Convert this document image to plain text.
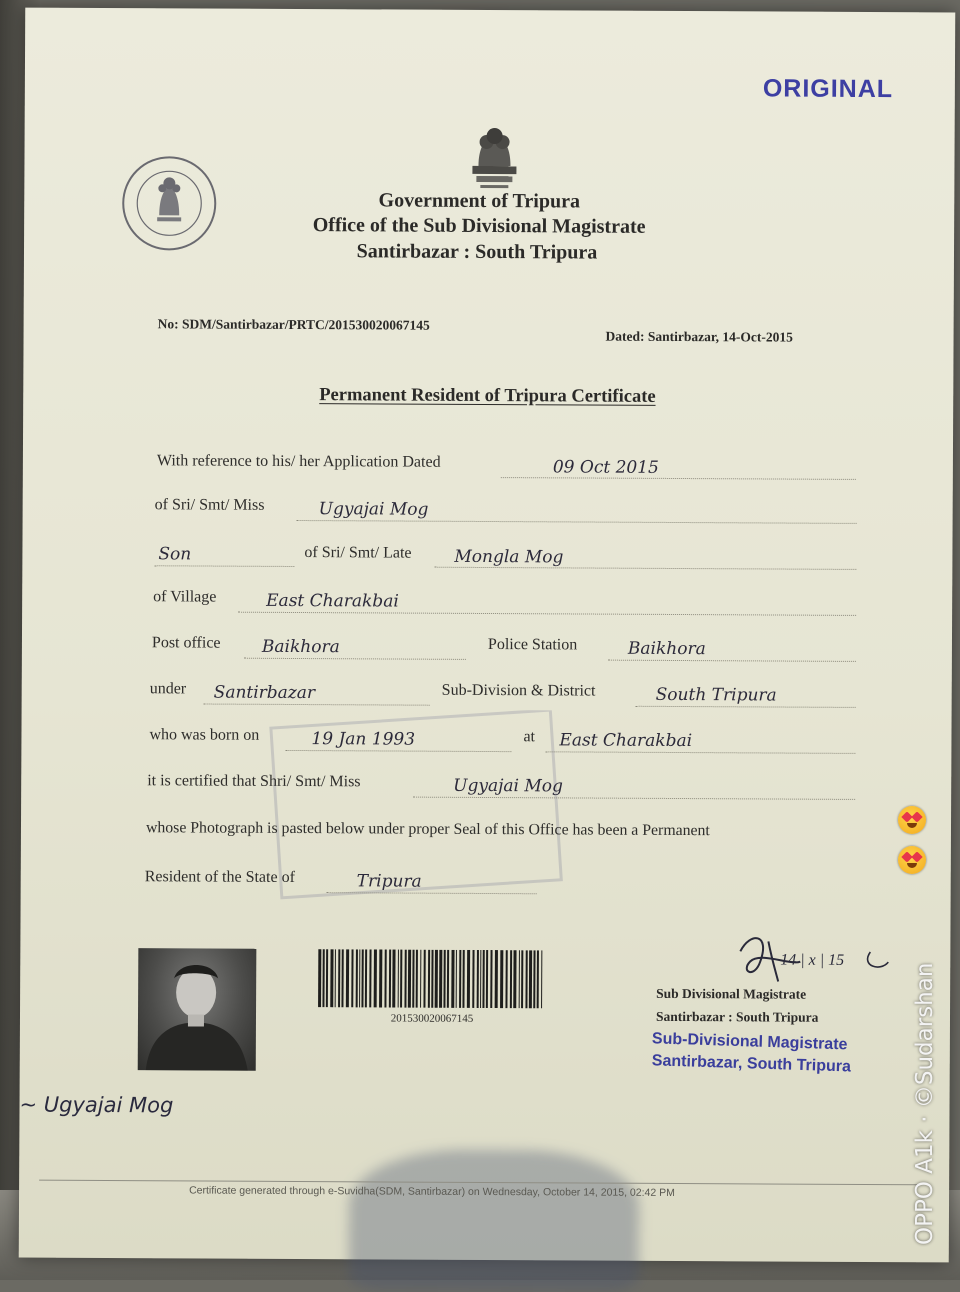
ORIGINAL
Government of Tripura
Office of the Sub Divisional Magistrate
Santirbazar : South Tripura
No: SDM/Santirbazar/PRTC/201530020067145
Dated: Santirbazar, 14-Oct-2015
Permanent Resident of Tripura Certificate
With reference to his/ her Application Dated	09 Oct 2015
of Sri/ Smt/ Miss	Ugyajai Mog
Son	of Sri/ Smt/ Late	Mongla Mog
of Village	East Charakbai
Post office Baikhora	Police Station	Baikhora
under Santirbazar	Sub-Division & District	South Tripura
who was born on	19 Jan 1993	at East Charakbai
it is certified that Shri/ Smt/ Miss	Ugyajai Mog
whose Photograph is pasted below under proper Seal of this Office has been a Permanent
Resident of the State of	Tripura
201530020067145
14 | x | 15
Sub Divisional Magistrate
Santirbazar : South Tripura
Sub-Divisional Magistrate
Santirbazar, South Tripura
~ Ugyajai Mog
Certificate generated through e-Suvidha(SDM, Santirbazar) on Wednesday, October 14, 2015, 02:42 PM	OPPO A1k · ©Sudarshan
